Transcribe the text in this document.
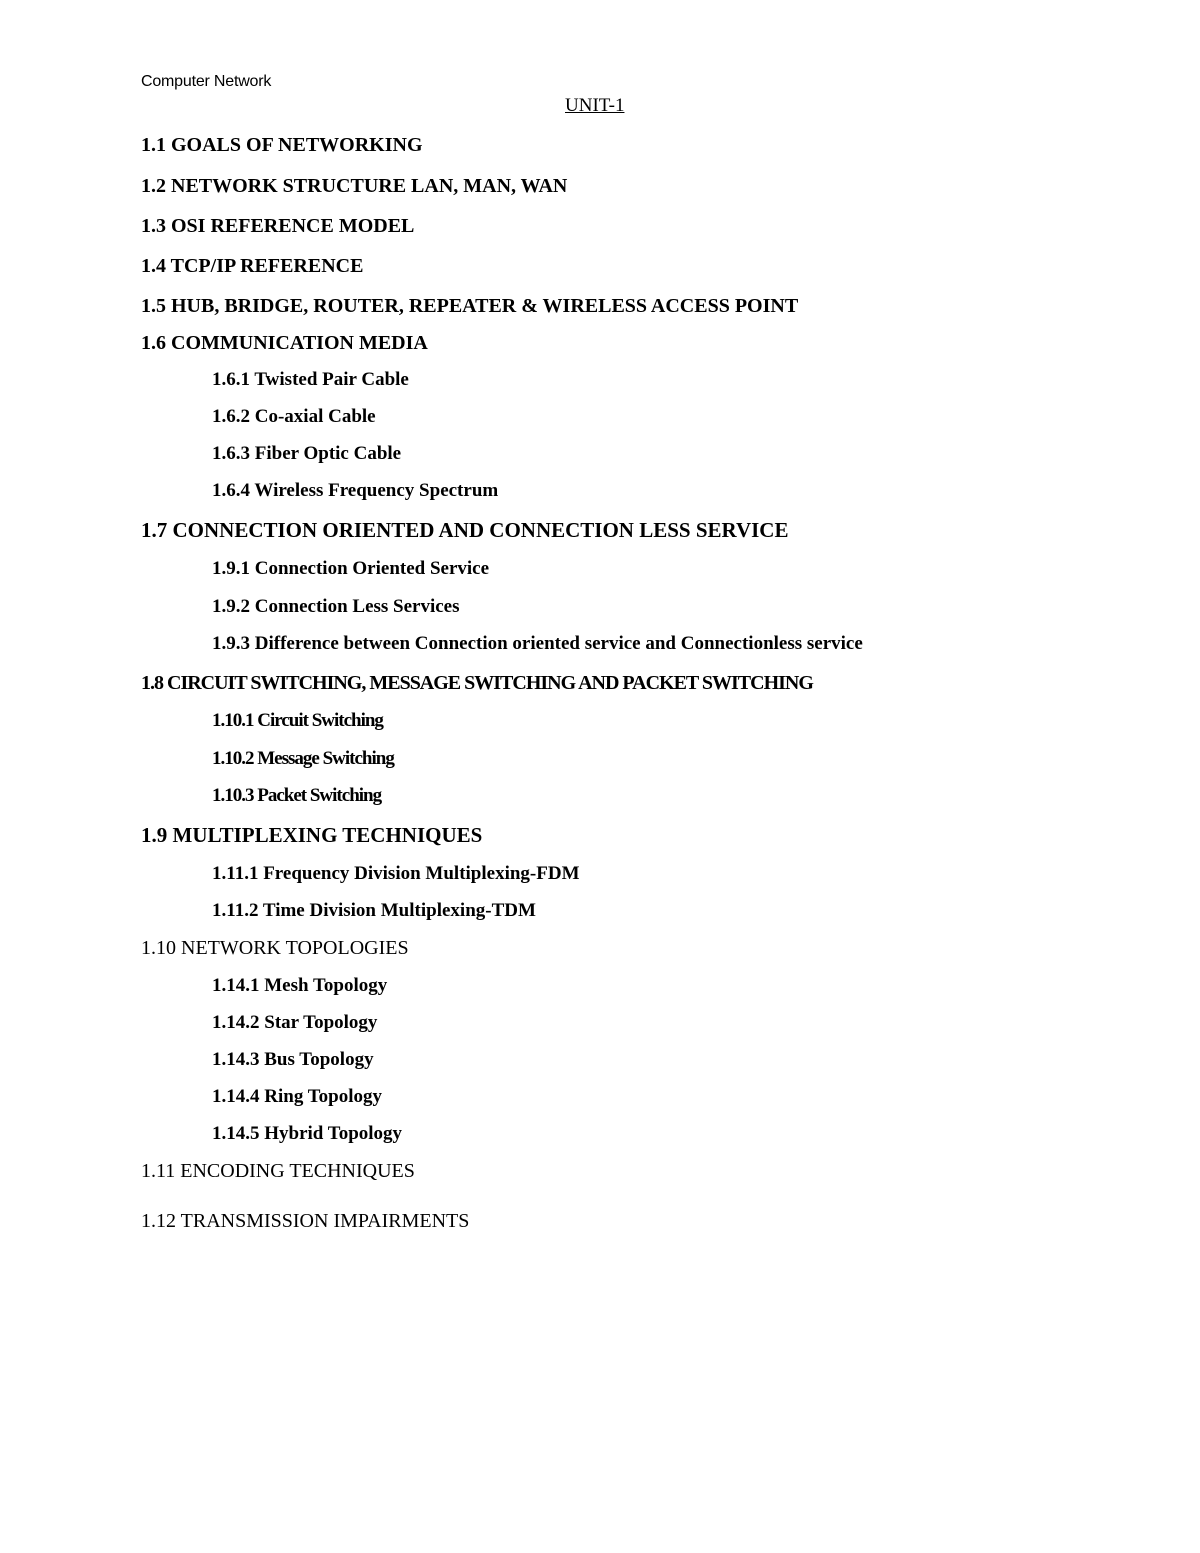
Computer Network
UNIT-1
1.1 GOALS OF NETWORKING
1.2 NETWORK STRUCTURE LAN, MAN, WAN
1.3 OSI REFERENCE MODEL
1.4 TCP/IP REFERENCE
1.5 HUB, BRIDGE, ROUTER, REPEATER & WIRELESS ACCESS POINT
1.6 COMMUNICATION MEDIA
1.6.1 Twisted Pair Cable
1.6.2 Co-axial Cable
1.6.3 Fiber Optic Cable
1.6.4 Wireless Frequency Spectrum
1.7 CONNECTION ORIENTED AND CONNECTION LESS SERVICE
1.9.1 Connection Oriented Service
1.9.2 Connection Less Services
1.9.3 Difference between Connection oriented service and Connectionless service
1.8 CIRCUIT SWITCHING, MESSAGE SWITCHING AND PACKET SWITCHING
1.10.1 Circuit Switching
1.10.2 Message Switching
1.10.3 Packet Switching
1.9 MULTIPLEXING TECHNIQUES
1.11.1 Frequency Division Multiplexing-FDM
1.11.2 Time Division Multiplexing-TDM
1.10 NETWORK TOPOLOGIES
1.14.1 Mesh Topology
1.14.2 Star Topology
1.14.3 Bus Topology
1.14.4 Ring Topology
1.14.5 Hybrid Topology
1.11 ENCODING TECHNIQUES
1.12 TRANSMISSION IMPAIRMENTS
